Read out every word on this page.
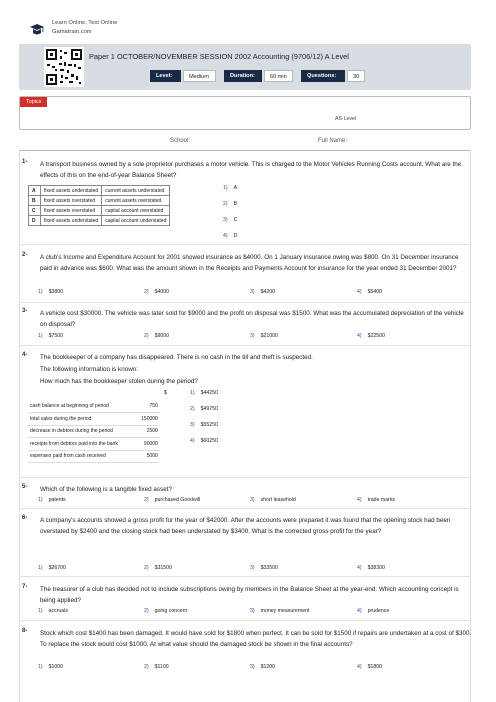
Learn Online, Test Online
Gamatrain.com
Paper 1 OCTOBER/NOVEMBER SESSION 2002 Accounting (9706/12) A Level
Level:	Medium	Duration:	60 min	Questions:	30
Topics
AS-Level
School:	Full Name:
1- A transport business owned by a sole proprietor purchases a motor vehicle. This is charged to the Motor Vehicles Running Costs account. What are the effects of this on the end-of-year Balance Sheet?
A	fixed assets understated	current assets understated
B	fixed assets overstated	current assets overstated
C	fixed assets overstated	capital account overstated
D	fixed assets understated	capital account understated
1) A
2) B
3) C
4) D
2- A club's Income and Expenditure Account for 2001 showed insurance as $4000. On 1 January insurance owing was $800. On 31 December insurance paid in advance was $600. What was the amount shown in the Receipts and Payments Account for insurance for the year ended 31 December 2001?
1) $3800	2) $4000	3) $4200	4) $5400
3- A vehicle cost $30000. The vehicle was later sold for $9000 and the profit on disposal was $1500. What was the accumulated depreciation of the vehicle on disposal?
1) $7500	2) $9000	3) $21000	4) $22500
4- The bookkeeper of a company has disappeared. There is no cash in the till and theft is suspected.
The following information is known:
How much has the bookkeeper stolen during the period?
$
cash balance at beginning of period	750
total sales during the period	150000
decrease in debtors during the period	2500
receipts from debtors paid into the bank	90000
expenses paid from cash received	5000
1) $44250
2) $49750
3) $55250
4) $60250
5- Which of the following is a tangible fixed asset?
1) patents	2) purchased Goodwill	3) short leasehold	4) trade marks
6- A company's accounts showed a gross profit for the year of $42000. After the accounts were prepared it was found that the opening stock had been overstated by $2400 and the closing stock had been understated by $3400. What is the corrected gross profit for the year?
1) $26700	2) $31500	3) $33500	4) $38300
7- The treasurer of a club has decided not to include subscriptions owing by members in the Balance Sheet at the year-end. Which accounting concept is being applied?
1) accruals	2) going concern	3) money measurement	4) prudence
8- Stock which cost $1400 has been damaged. It would have sold for $1800 when perfect. It can be sold for $1500 if repairs are undertaken at a cost of $300. To replace the stock would cost $1000. At what value should the damaged stock be shown in the final accounts?
1) $1000	2) $1100	3) $1200	4) $1800
